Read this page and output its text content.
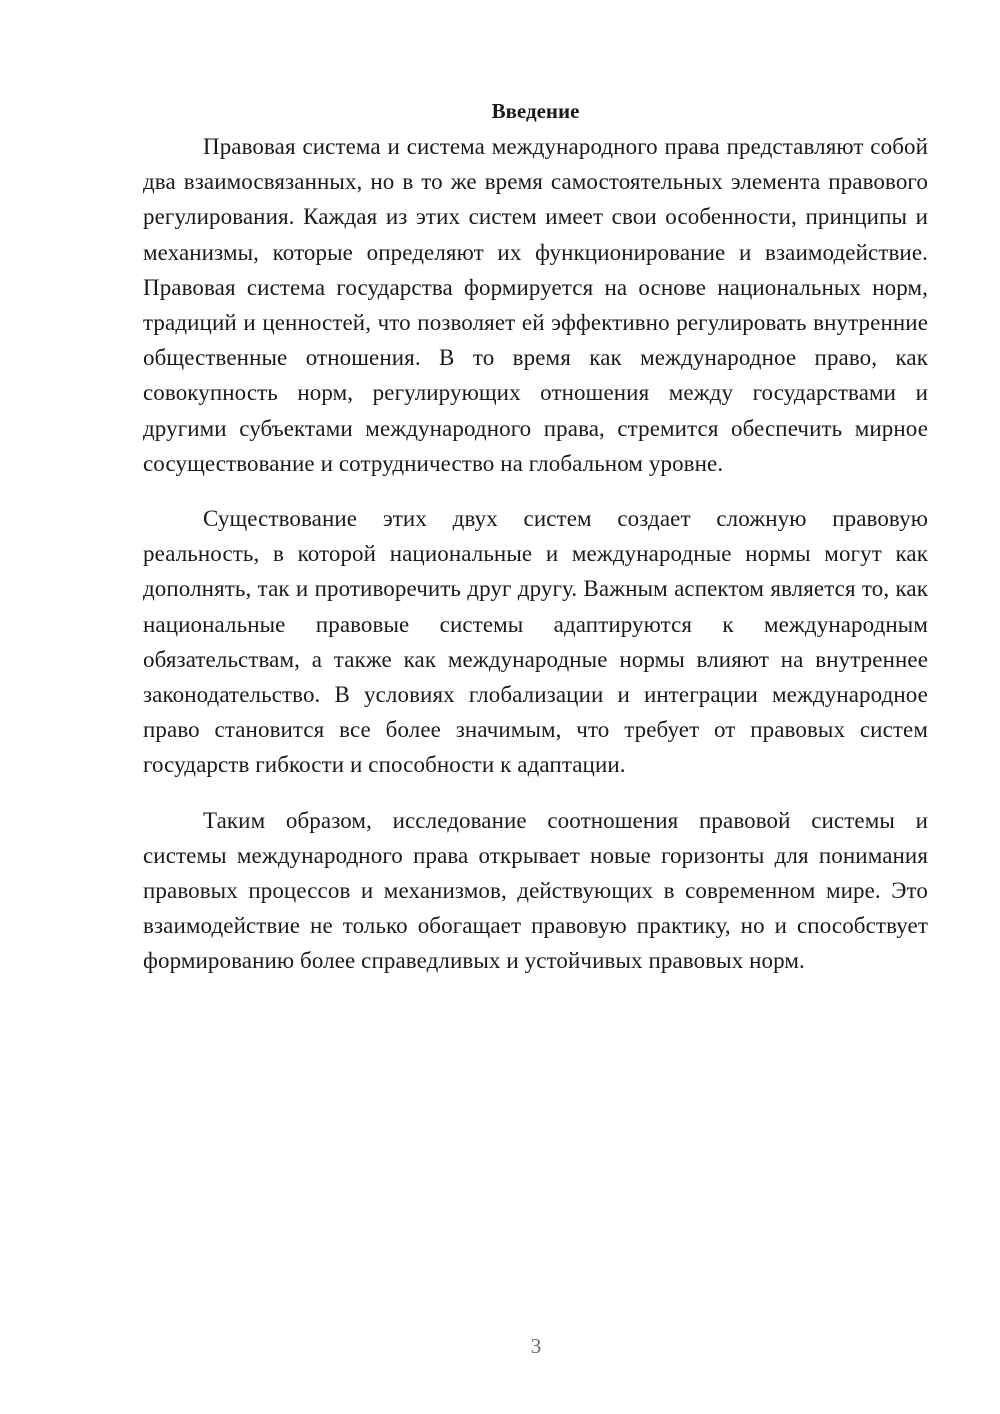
Введение

Правовая система и система международного права представляют собой два взаимосвязанных, но в то же время самостоятельных элемента правового регулирования. Каждая из этих систем имеет свои особенности, принципы и механизмы, которые определяют их функционирование и взаимодействие. Правовая система государства формируется на основе национальных норм, традиций и ценностей, что позволяет ей эффективно регулировать внутренние общественные отношения. В то время как международное право, как совокупность норм, регулирующих отношения между государствами и другими субъектами международного права, стремится обеспечить мирное сосуществование и сотрудничество на глобальном уровне.

Существование этих двух систем создает сложную правовую реальность, в которой национальные и международные нормы могут как дополнять, так и противоречить друг другу. Важным аспектом является то, как национальные правовые системы адаптируются к международным обязательствам, а также как международные нормы влияют на внутреннее законодательство. В условиях глобализации и интеграции международное право становится все более значимым, что требует от правовых систем государств гибкости и способности к адаптации.

Таким образом, исследование соотношения правовой системы и системы международного права открывает новые горизонты для понимания правовых процессов и механизмов, действующих в современном мире. Это взаимодействие не только обогащает правовую практику, но и способствует формированию более справедливых и устойчивых правовых норм.

3
